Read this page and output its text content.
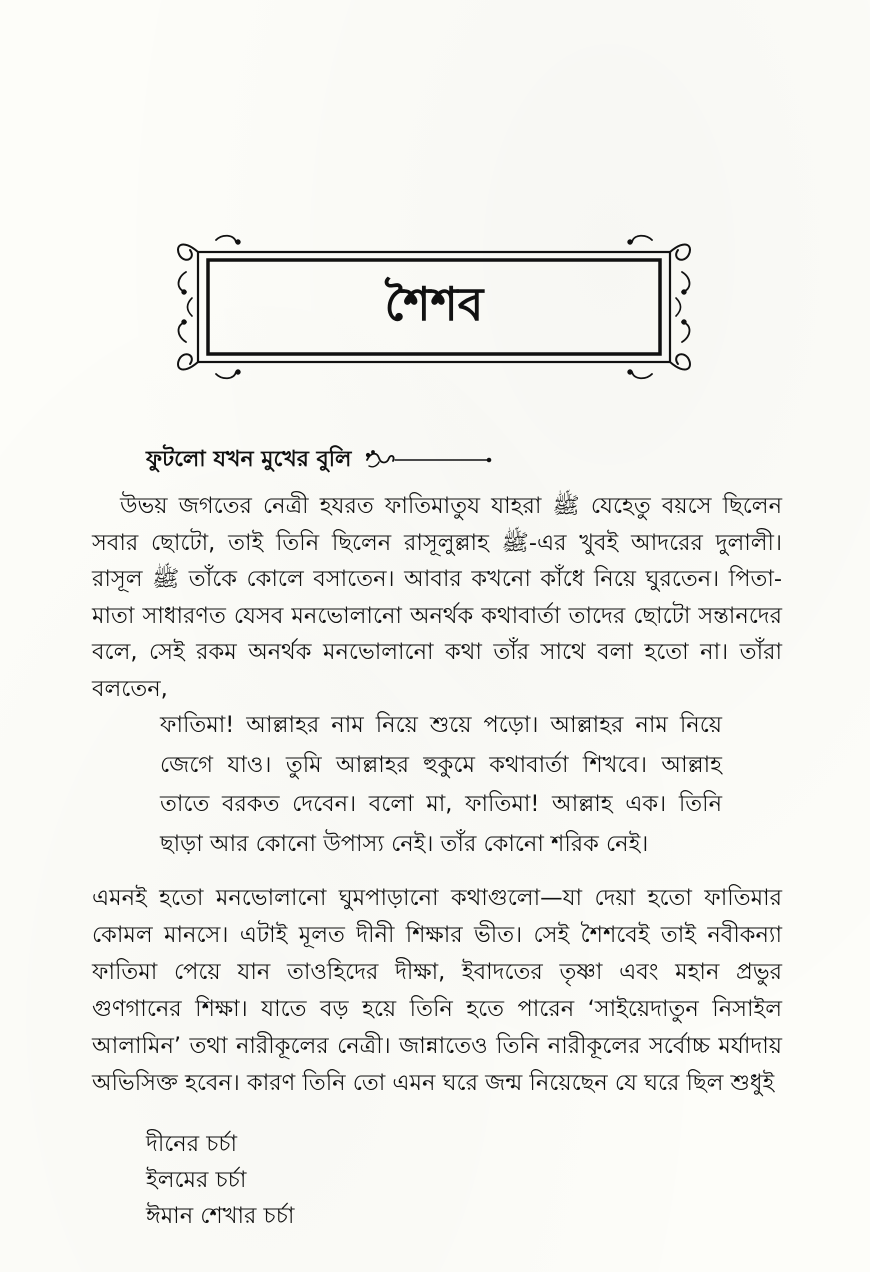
শৈশব
ফুটলো যখন মুখের বুলি

উভয় জগতের নেত্রী হযরত ফাতিমাতুয যাহরা ﷺ যেহেতু বয়সে ছিলেন সবার ছোটো, তাই তিনি ছিলেন রাসূলুল্লাহ ﷺ-এর খুবই আদরের দুলালী। রাসূল ﷺ তাঁকে কোলে বসাতেন। আবার কখনো কাঁধে নিয়ে ঘুরতেন। পিতা-মাতা সাধারণত যেসব মনভোলানো অনর্থক কথাবার্তা তাদের ছোটো সন্তানদের বলে, সেই রকম অনর্থক মনভোলানো কথা তাঁর সাথে বলা হতো না। তাঁরা বলতেন,

ফাতিমা! আল্লাহর নাম নিয়ে শুয়ে পড়ো। আল্লাহর নাম নিয়ে জেগে যাও। তুমি আল্লাহর হুকুমে কথাবার্তা শিখবে। আল্লাহ তাতে বরকত দেবেন। বলো মা, ফাতিমা! আল্লাহ এক। তিনি ছাড়া আর কোনো উপাস্য নেই। তাঁর কোনো শরিক নেই।

এমনই হতো মনভোলানো ঘুমপাড়ানো কথাগুলো—যা দেয়া হতো ফাতিমার কোমল মানসে। এটাই মূলত দীনী শিক্ষার ভীত। সেই শৈশবেই তাই নবীকন্যা ফাতিমা পেয়ে যান তাওহিদের দীক্ষা, ইবাদতের তৃষ্ণা এবং মহান প্রভুর গুণগানের শিক্ষা। যাতে বড় হয়ে তিনি হতে পারেন ‘সাইয়েদাতুন নিসাইল আলামিন’ তথা নারীকূলের নেত্রী। জান্নাতেও তিনি নারীকূলের সর্বোচ্চ মর্যাদায় অভিসিক্ত হবেন। কারণ তিনি তো এমন ঘরে জন্ম নিয়েছেন যে ঘরে ছিল শুধুই

দীনের চর্চা
ইলমের চর্চা
ঈমান শেখার চর্চা
